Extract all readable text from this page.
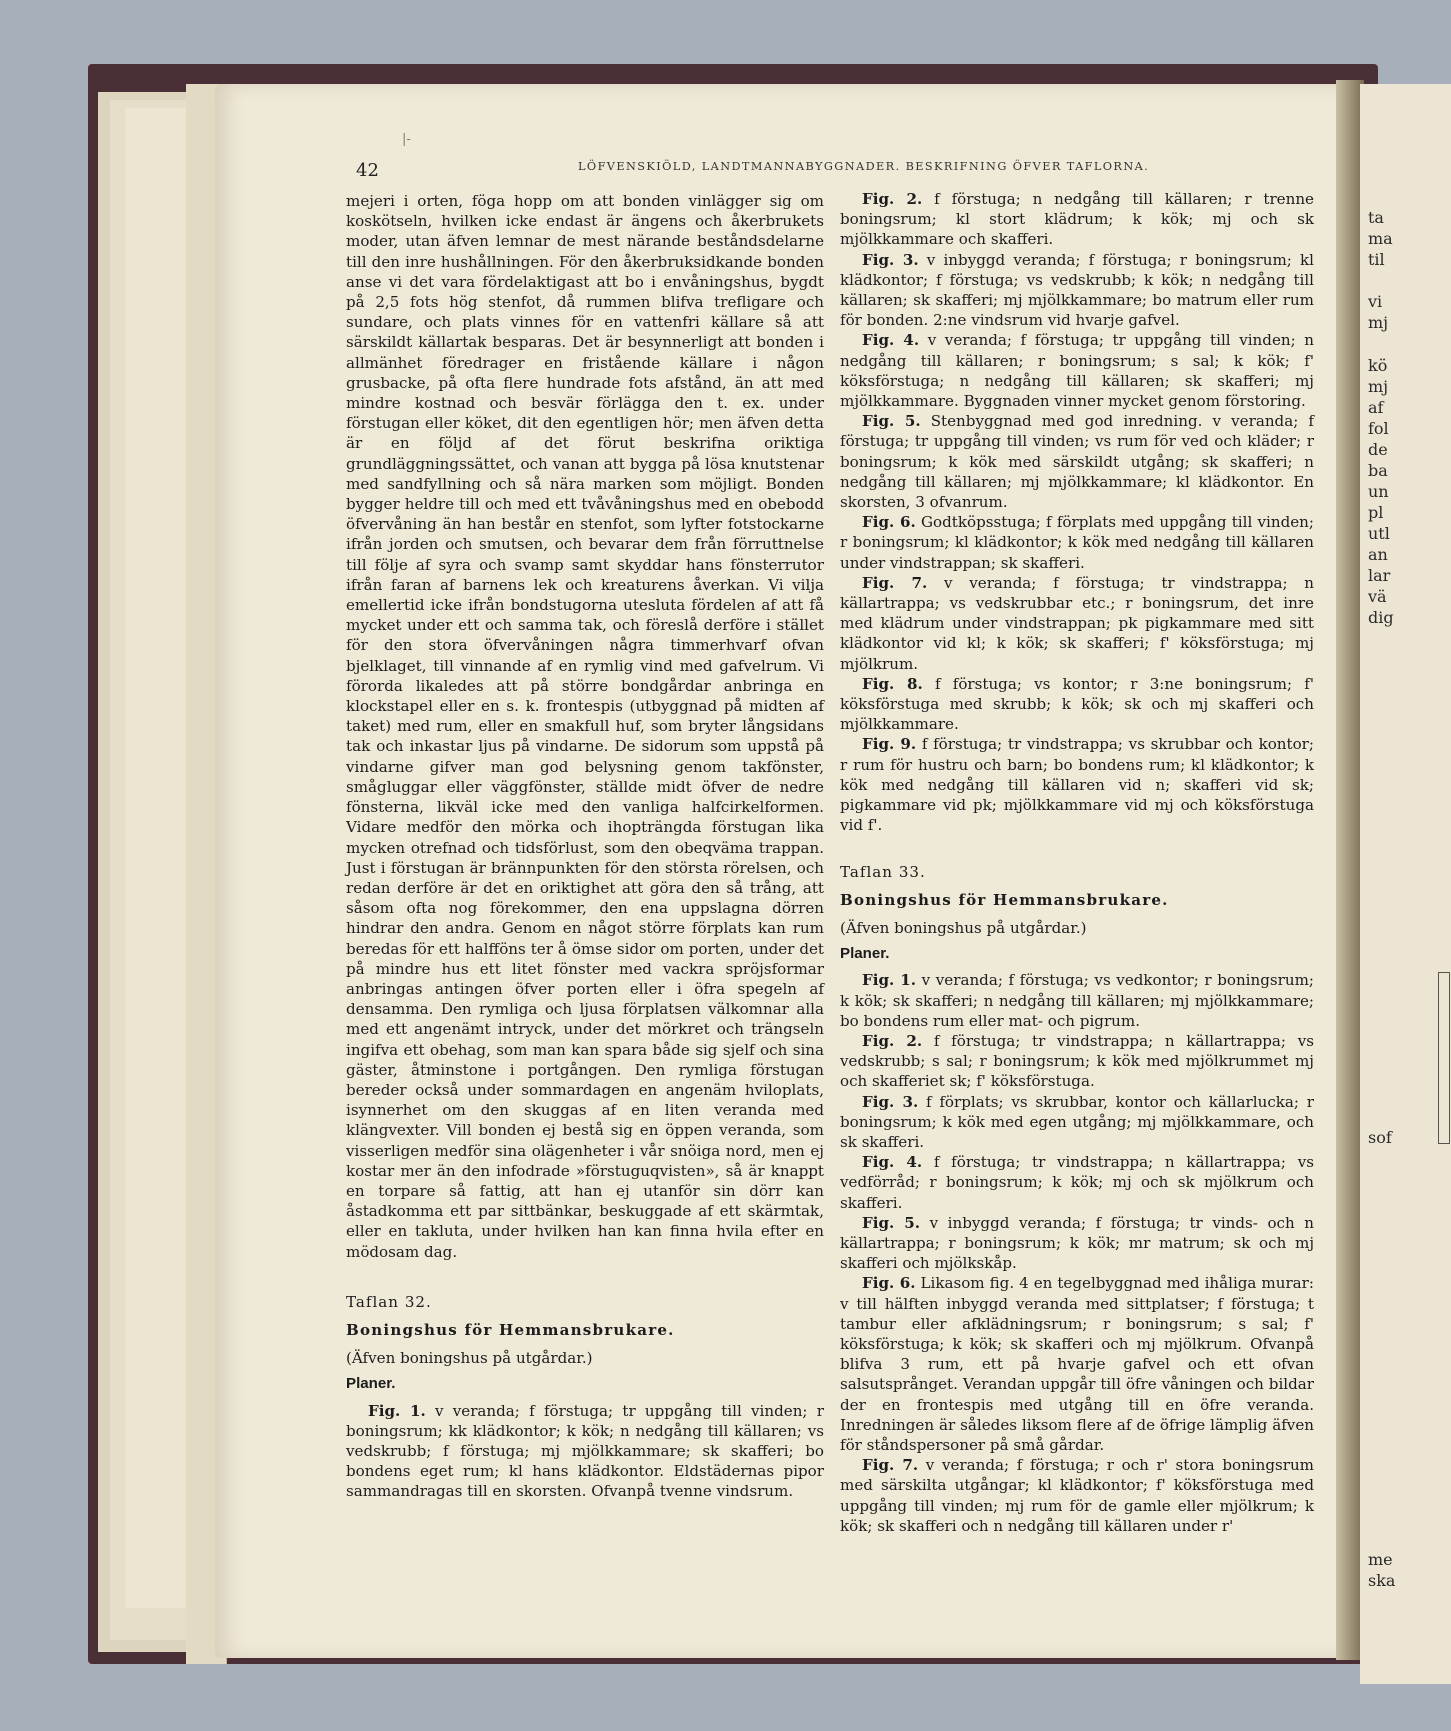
ta
ma
til
vi
mj
kö
mj
af
fol
de
ba
un
pl
utl
an
lar
vä
dig
sof
me
ska
|-
42	LÖFVENSKIÖLD, LANDTMANNABYGGNADER. BESKRIFNING ÖFVER TAFLORNA.

mejeri i orten, föga hopp om att bonden vinlägger sig om koskötseln, hvilken icke endast är ängens och åkerbrukets moder, utan äfven lemnar de mest närande beståndsdelarne till den inre hushållningen. För den åkerbruksidkande bonden anse vi det vara fördelaktigast att bo i envåningshus, bygdt på 2,5 fots hög stenfot, då rummen blifva trefligare och sundare, och plats vinnes för en vattenfri källare så att särskildt källartak besparas. Det är besynnerligt att bonden i allmänhet föredrager en fristående källare i någon grusbacke, på ofta flere hundrade fots afstånd, än att med mindre kostnad och besvär förlägga den t. ex. under förstugan eller köket, dit den egentligen hör; men äfven detta är en följd af det förut beskrifna oriktiga grundläggningssättet, och vanan att bygga på lösa knutstenar med sandfyllning och så nära marken som möjligt. Bonden bygger heldre till och med ett tvåvåningshus med en obebodd öfvervåning än han består en stenfot, som lyfter fotstockarne ifrån jorden och smutsen, och bevarar dem från förruttnelse till följe af syra och svamp samt skyddar hans fönsterrutor ifrån faran af barnens lek och kreaturens åverkan. Vi vilja emellertid icke ifrån bondstugorna utesluta fördelen af att få mycket under ett och samma tak, och föreslå derföre i stället för den stora öfvervåningen några timmerhvarf ofvan bjelklaget, till vinnande af en rymlig vind med gafvelrum. Vi förorda likaledes att på större bondgårdar anbringa en klockstapel eller en s. k. frontespis (utbyggnad på midten af taket) med rum, eller en smakfull huf, som bryter långsidans tak och inkastar ljus på vindarne. De sidorum som uppstå på vindarne gifver man god belysning genom takfönster, smågluggar eller väggfönster, ställde midt öfver de nedre fönsterna, likväl icke med den vanliga halfcirkelformen. Vidare medför den mörka och ihopträngda förstugan lika mycken otrefnad och tidsförlust, som den obeqväma trappan. Just i förstugan är brännpunkten för den största rörelsen, och redan derföre är det en oriktighet att göra den så trång, att såsom ofta nog förekommer, den ena uppslagna dörren hindrar den andra. Genom en något större förplats kan rum beredas för ett halfföns ter å ömse sidor om porten, under det på mindre hus ett litet fönster med vackra spröjsformar anbringas antingen öfver porten eller i öfra spegeln af densamma. Den rymliga och ljusa förplatsen välkomnar alla med ett angenämt intryck, under det mörkret och trängseln ingifva ett obehag, som man kan spara både sig sjelf och sina gäster, åtminstone i portgången. Den rymliga förstugan bereder också under sommardagen en angenäm hviloplats, isynnerhet om den skuggas af en liten veranda med klängvexter. Vill bonden ej bestå sig en öppen veranda, som visserligen medför sina olägenheter i vår snöiga nord, men ej kostar mer än den infodrade »förstuguqvisten», så är knappt en torpare så fattig, att han ej utanför sin dörr kan åstadkomma ett par sittbänkar, beskuggade af ett skärmtak, eller en takluta, under hvilken han kan finna hvila efter en mödosam dag.

Taflan 32.

Boningshus för Hemmansbrukare.

(Äfven boningshus på utgårdar.)

Planer.

Fig. 1. v veranda; f förstuga; tr uppgång till vinden; r boningsrum; kk klädkontor; k kök; n nedgång till källaren; vs vedskrubb; f förstuga; mj mjölkkammare; sk skafferi; bo bondens eget rum; kl hans klädkontor. Eldstädernas pipor sammandragas till en skorsten. Ofvanpå tvenne vindsrum.

Fig. 2. f förstuga; n nedgång till källaren; r trenne boningsrum; kl stort klädrum; k kök; mj och sk mjölkkammare och skafferi.

Fig. 3. v inbyggd veranda; f förstuga; r boningsrum; kl klädkontor; f förstuga; vs vedskrubb; k kök; n nedgång till källaren; sk skafferi; mj mjölkkammare; bo matrum eller rum för bonden. 2:ne vindsrum vid hvarje gafvel.

Fig. 4. v veranda; f förstuga; tr uppgång till vinden; n nedgång till källaren; r boningsrum; s sal; k kök; f' köksförstuga; n nedgång till källaren; sk skafferi; mj mjölkkammare. Byggnaden vinner mycket genom förstoring.

Fig. 5. Stenbyggnad med god inredning. v veranda; f förstuga; tr uppgång till vinden; vs rum för ved och kläder; r boningsrum; k kök med särskildt utgång; sk skafferi; n nedgång till källaren; mj mjölkkammare; kl klädkontor. En skorsten, 3 ofvanrum.

Fig. 6. Godtköpsstuga; f förplats med uppgång till vinden; r boningsrum; kl klädkontor; k kök med nedgång till källaren under vindstrappan; sk skafferi.

Fig. 7. v veranda; f förstuga; tr vindstrappa; n källartrappa; vs vedskrubbar etc.; r boningsrum, det inre med klädrum under vindstrappan; pk pigkammare med sitt klädkontor vid kl; k kök; sk skafferi; f' köksförstuga; mj mjölkrum.

Fig. 8. f förstuga; vs kontor; r 3:ne boningsrum; f' köksförstuga med skrubb; k kök; sk och mj skafferi och mjölkkammare.

Fig. 9. f förstuga; tr vindstrappa; vs skrubbar och kontor; r rum för hustru och barn; bo bondens rum; kl klädkontor; k kök med nedgång till källaren vid n; skafferi vid sk; pigkammare vid pk; mjölkkammare vid mj och köksförstuga vid f'.

Taflan 33.

Boningshus för Hemmansbrukare.

(Äfven boningshus på utgårdar.)

Planer.

Fig. 1. v veranda; f förstuga; vs vedkontor; r boningsrum; k kök; sk skafferi; n nedgång till källaren; mj mjölkkammare; bo bondens rum eller mat- och pigrum.

Fig. 2. f förstuga; tr vindstrappa; n källartrappa; vs vedskrubb; s sal; r boningsrum; k kök med mjölkrummet mj och skafferiet sk; f' köksförstuga.

Fig. 3. f förplats; vs skrubbar, kontor och källarlucka; r boningsrum; k kök med egen utgång; mj mjölkkammare, och sk skafferi.

Fig. 4. f förstuga; tr vindstrappa; n källartrappa; vs vedförråd; r boningsrum; k kök; mj och sk mjölkrum och skafferi.

Fig. 5. v inbyggd veranda; f förstuga; tr vinds- och n källartrappa; r boningsrum; k kök; mr matrum; sk och mj skafferi och mjölkskåp.

Fig. 6. Likasom fig. 4 en tegelbyggnad med ihåliga murar: v till hälften inbyggd veranda med sittplatser; f förstuga; t tambur eller afklädningsrum; r boningsrum; s sal; f' köksförstuga; k kök; sk skafferi och mj mjölkrum. Ofvanpå blifva 3 rum, ett på hvarje gafvel och ett ofvan salsutsprånget. Verandan uppgår till öfre våningen och bildar der en frontespis med utgång till en öfre veranda. Inredningen är således liksom flere af de öfrige lämplig äfven för ståndspersoner på små gårdar.

Fig. 7. v veranda; f förstuga; r och r' stora boningsrum med särskilta utgångar; kl klädkontor; f' köksförstuga med uppgång till vinden; mj rum för de gamle eller mjölkrum; k kök; sk skafferi och n nedgång till källaren under r'
